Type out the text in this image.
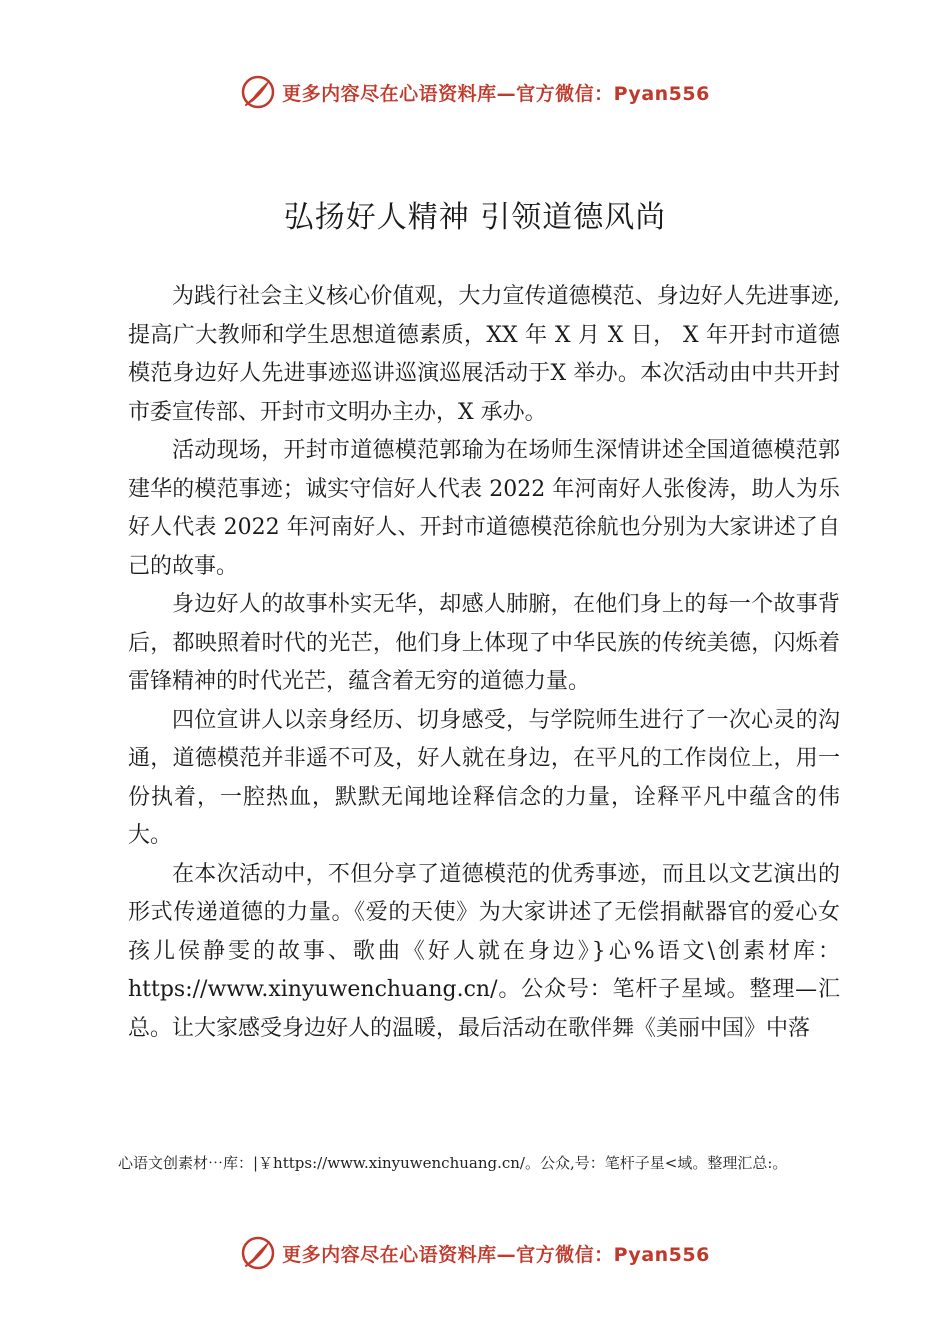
更多内容尽在心语资料库—官方微信：Pyan556
弘扬好人精神 引领道德风尚

为践行社会主义核心价值观，大力宣传道德模范、身边好人先进事迹,提高广大教师和学生思想道德素质，XX 年 X 月 X 日， X 年开封市道德模范身边好人先进事迹巡讲巡演巡展活动于X 举办。本次活动由中共开封市委宣传部、开封市文明办主办，X 承办。

活动现场，开封市道德模范郭瑜为在场师生深情讲述全国道德模范郭建华的模范事迹；诚实守信好人代表 2022 年河南好人张俊涛，助人为乐好人代表 2022 年河南好人、开封市道德模范徐航也分别为大家讲述了自己的故事。

身边好人的故事朴实无华，却感人肺腑，在他们身上的每一个故事背后，都映照着时代的光芒，他们身上体现了中华民族的传统美德，闪烁着雷锋精神的时代光芒，蕴含着无穷的道德力量。

四位宣讲人以亲身经历、切身感受，与学院师生进行了一次心灵的沟通，道德模范并非遥不可及，好人就在身边，在平凡的工作岗位上，用一份执着，一腔热血，默默无闻地诠释信念的力量，诠释平凡中蕴含的伟大。

在本次活动中，不但分享了道德模范的优秀事迹，而且以文艺演出的形式传递道德的力量。《爱的天使》为大家讲述了无偿捐献器官的爱心女孩儿侯静雯的故事、歌曲《好人就在身边》}心%语文\创素材库：https://www.xinyuwenchuang.cn/。公众号：笔杆子星域。整理—汇总。让大家感受身边好人的温暖，最后活动在歌伴舞《美丽中国》中落

心语文创素材⋯库：|￥https://www.xinyuwenchuang.cn/。公众,号：笔杆子星<域。整理汇总:。
更多内容尽在心语资料库—官方微信：Pyan556
